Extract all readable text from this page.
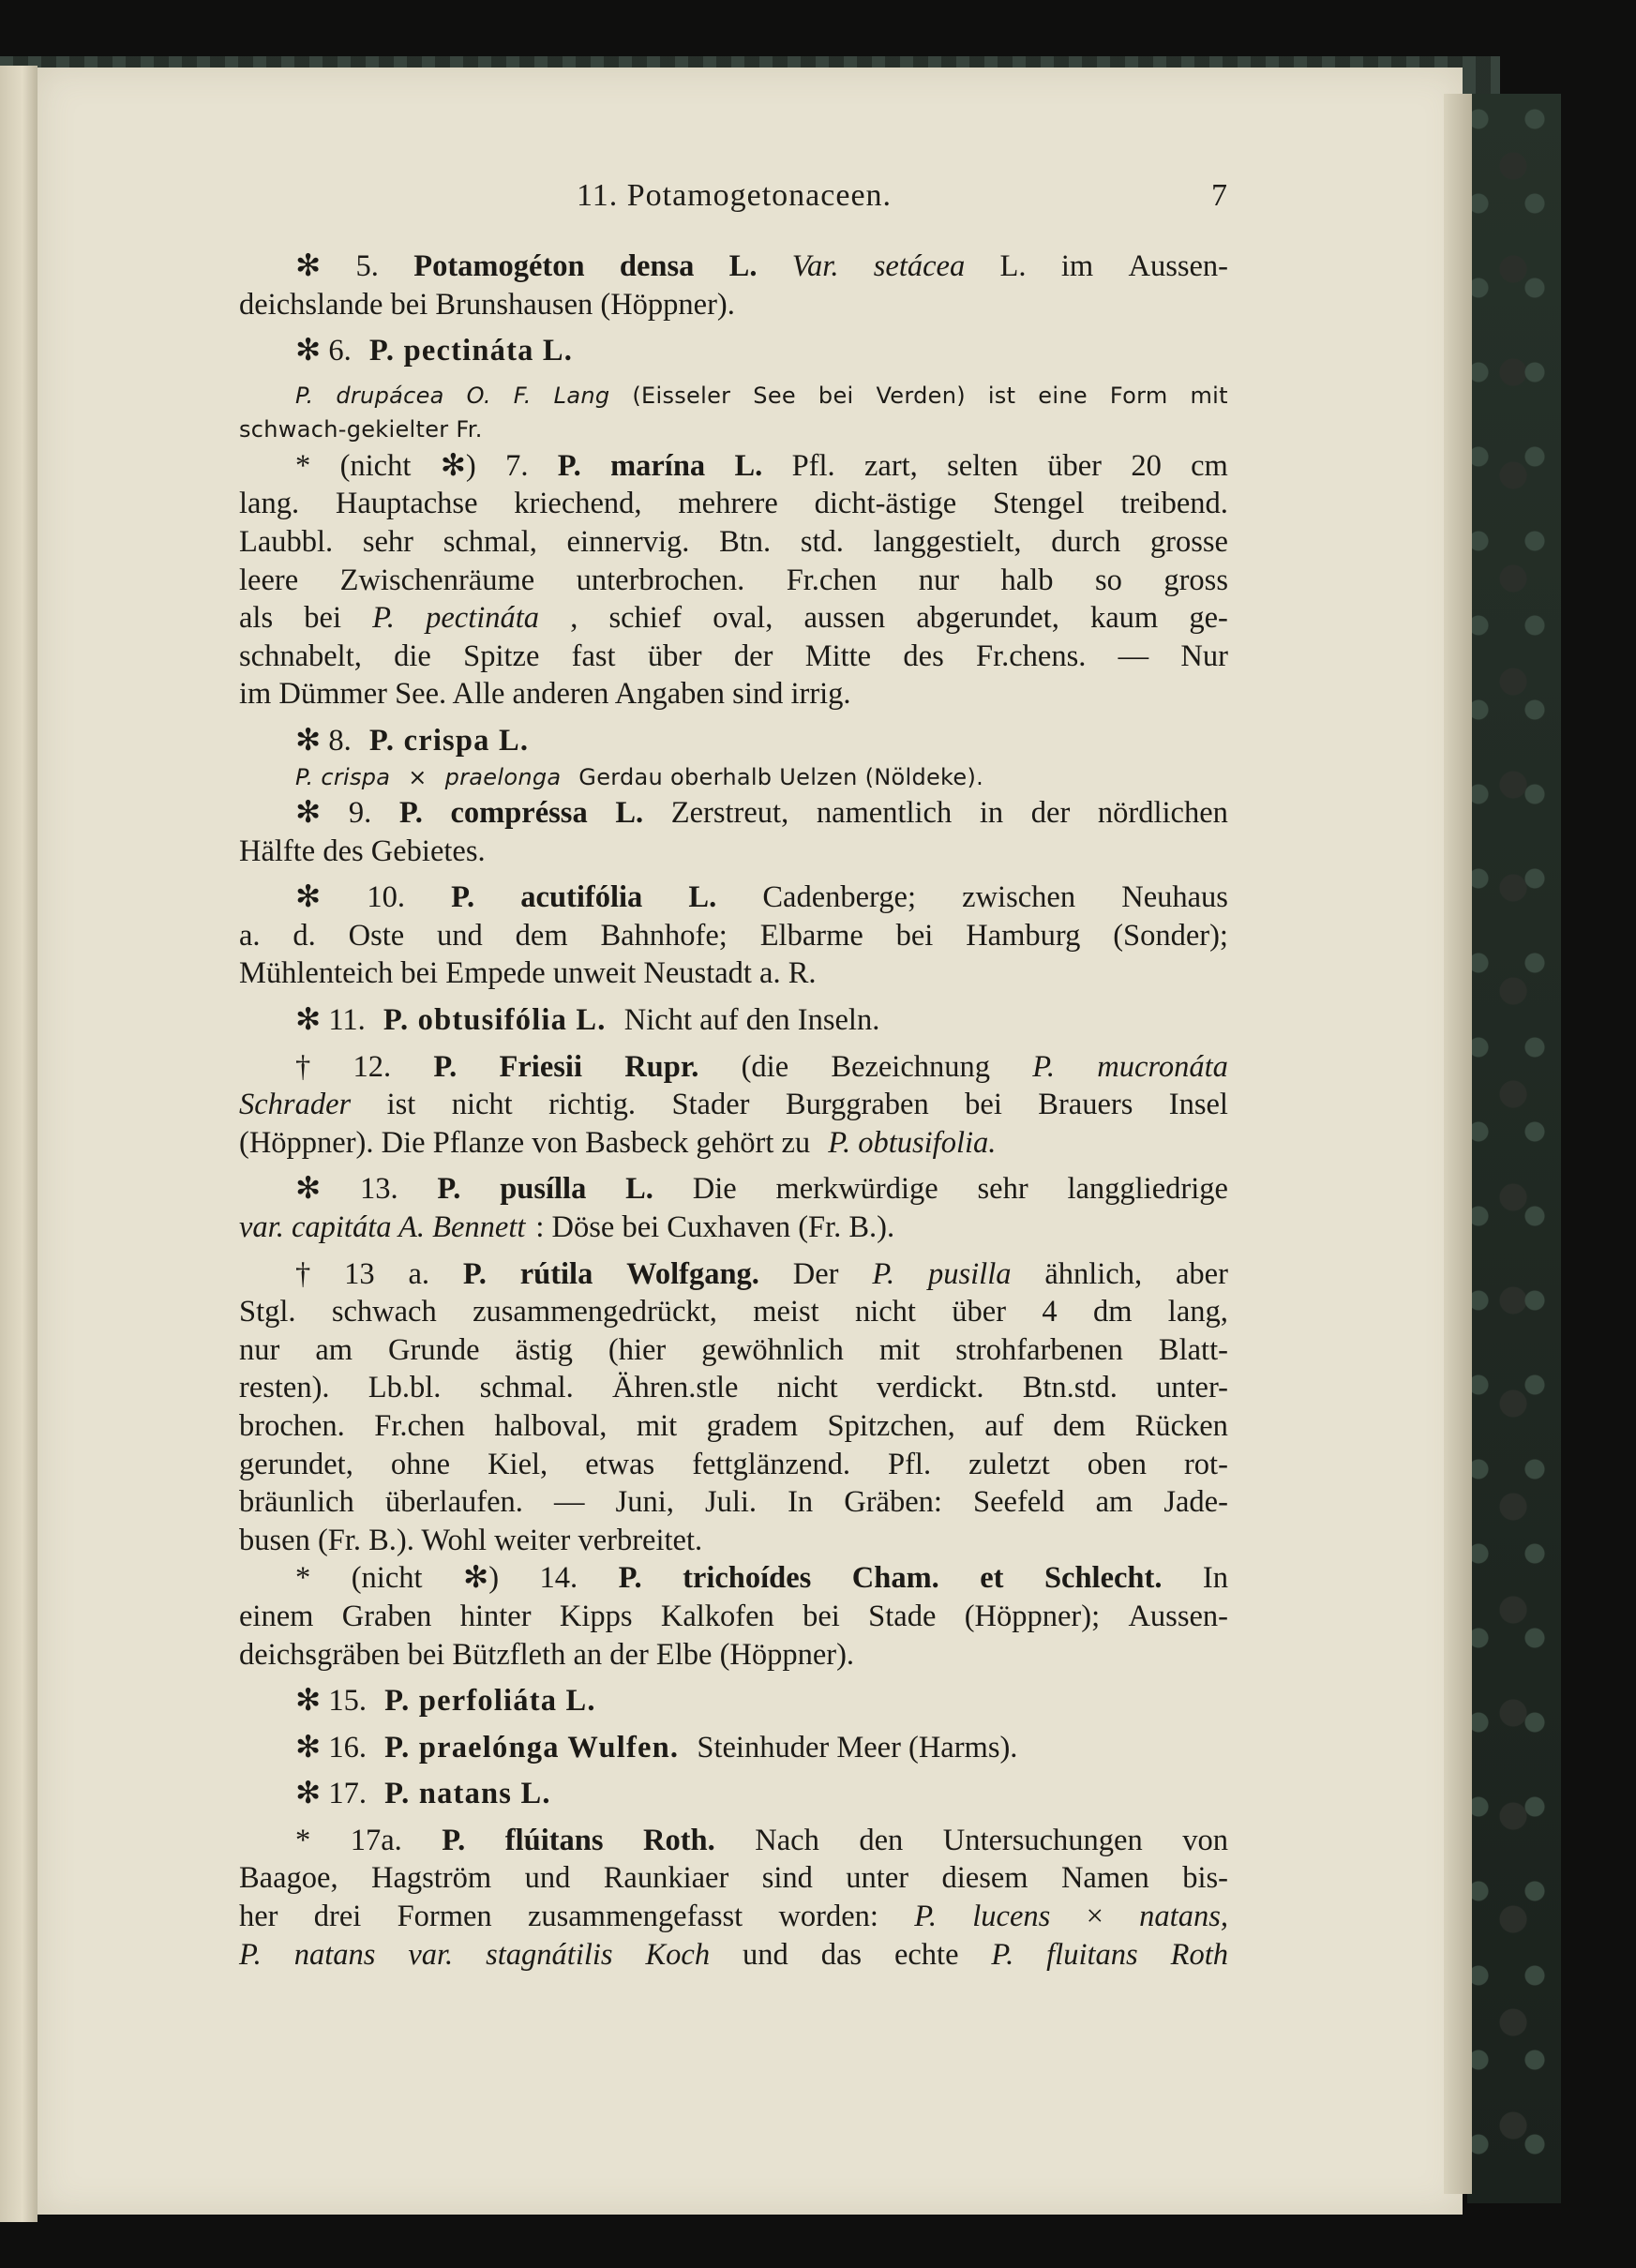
11. Potamogetonaceen.	7
✻ 5. Potamogéton densa L. Var. setácea L. im Aussen-
deichslande bei Brunshausen (Höppner).
✻ 6. P. pectináta L.
P. drupácea O. F. Lang (Eisseler See bei Verden) ist eine Form mit
schwach-gekielter Fr.
* (nicht ✻) 7. P. marína L. Pfl. zart, selten über 20 cm
lang. Hauptachse kriechend, mehrere dicht-ästige Stengel treibend.
Laubbl. sehr schmal, einnervig. Btn. std. langgestielt, durch grosse
leere Zwischenräume unterbrochen. Fr.chen nur halb so gross
als bei P. pectináta , schief oval, aussen abgerundet, kaum ge-
schnabelt, die Spitze fast über der Mitte des Fr.chens. — Nur
im Dümmer See. Alle anderen Angaben sind irrig.
✻ 8. P. crispa L.
P. crispa × praelonga Gerdau oberhalb Uelzen (Nöldeke).
✻ 9. P. compréssa L. Zerstreut, namentlich in der nördlichen
Hälfte des Gebietes.
✻ 10. P. acutifólia L. Cadenberge; zwischen Neuhaus
a. d. Oste und dem Bahnhofe; Elbarme bei Hamburg (Sonder);
Mühlenteich bei Empede unweit Neustadt a. R.
✻ 11. P. obtusifólia L. Nicht auf den Inseln.
† 12. P. Friesii Rupr. (die Bezeichnung P. mucronáta
Schrader ist nicht richtig. Stader Burggraben bei Brauers Insel
(Höppner). Die Pflanze von Basbeck gehört zu P. obtusifolia.
✻ 13. P. pusílla L. Die merkwürdige sehr langgliedrige
var. capitáta A. Bennett : Döse bei Cuxhaven (Fr. B.).
† 13 a. P. rútila Wolfgang. Der P. pusilla ähnlich, aber
Stgl. schwach zusammengedrückt, meist nicht über 4 dm lang,
nur am Grunde ästig (hier gewöhnlich mit strohfarbenen Blatt-
resten). Lb.bl. schmal. Ähren.stle nicht verdickt. Btn.std. unter-
brochen. Fr.chen halboval, mit gradem Spitzchen, auf dem Rücken
gerundet, ohne Kiel, etwas fettglänzend. Pfl. zuletzt oben rot-
bräunlich überlaufen. — Juni, Juli. In Gräben: Seefeld am Jade-
busen (Fr. B.). Wohl weiter verbreitet.
* (nicht ✻) 14. P. trichoídes Cham. et Schlecht. In
einem Graben hinter Kipps Kalkofen bei Stade (Höppner); Aussen-
deichsgräben bei Bützfleth an der Elbe (Höppner).
✻ 15. P. perfoliáta L.
✻ 16. P. praelónga Wulfen. Steinhuder Meer (Harms).
✻ 17. P. natans L.
* 17a. P. flúitans Roth. Nach den Untersuchungen von
Baagoe, Hagström und Raunkiaer sind unter diesem Namen bis-
her drei Formen zusammengefasst worden: P. lucens × natans,
P. natans var. stagnátilis Koch und das echte P. fluitans Roth
